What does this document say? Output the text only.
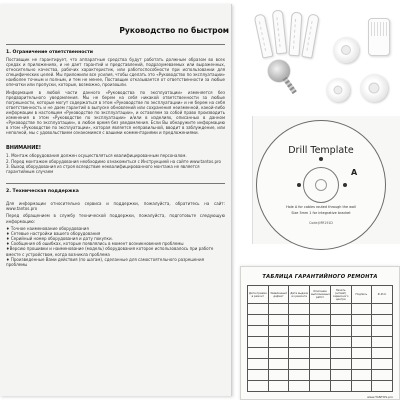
Руководство по быстром
1. Ограничение ответственности

Поставщик не гарантирует, что аппаратные средства будут работать должным образом во всех средах и приложениях, и не дает гарантий и представлений, подразумеваемых или выраженных, относительно качества, рабочих характеристик, или работоспособности при использовании для специфических целей. Мы приложили все усилия, чтобы сделать это «Руководство по эксплуатации» наиболее точным и полным, и тем не менее, Поставщик отказывается от ответственности за любые опечатки или пропуски, которые, возможно, произошли.

Информация в любой части данного «Руководства по эксплуатации» изменяется без предварительного уведомления. Мы не берем на себя никакой ответственности за любые погрешности, которые могут содержаться в этом «Руководстве по эксплуатации» и не берем на себя ответственность и не даем гарантий в выпуске обновлений или сохранения неизменной, какой-либо информации в настоящем «Руководстве по эксплуатации», и оставляем за собой право производить изменения в этом «Руководстве по эксплуатации» и/или в изделиях, описанных в данном «Руководстве по эксплуатации», в любое время без уведомления. Если Вы обнаружите информацию в этом «Руководстве по эксплуатации», которая является неправильной, вводит в заблуждение, или неполной, мы с удовольствием ознакомимся с вашими комментариями и предложениями.

ВНИМАНИЕ!
1. Монтаж оборудования должен осуществляться квалифицированным персоналом.
2. Перед монтажом оборудования необходимо ознакомиться с Инструкцией на сайте www.tantos.pro
3. Выход оборудования из строя вследствие неквалифицированного монтажа не является гарантийным случаем
2. Техническая поддержка

Для информации относительно сервиса и поддержки, пожалуйста, обратитесь на сайт: www.tantos.pro

Перед обращением в службу технической поддержки, пожалуйста, подготовьте следующую информацию:

♦ Точное наименование оборудования
♦ Сетевые настройки вашего оборудования
♦ Серийный номер оборудования и дату покупки.
♦ Сообщения об ошибках, которые появлялись в момент возникновения проблемы
♦Версию прошивки и наименование (модель) оборудования которое использовалось при работе вместе с устройством, когда возникла проблема
♦ Произведенные Вами действия (по шагам), сделанные для самостоятельного разрешения проблемы
Drill Template
A
Hole A for cables routed through the wall
Size 5mm 1 for integrative bracket
Code:JMR191D
ТАБЛИЦА ГАРАНТИЙНОГО РЕМОНТА
Дата приема в ремонт	Заявленный дефект	Дата выдачи из ремонта	Описание выполненных работ	Печать (штамп) сервисного центра	Подпись	Ф.И.О.

www.TANTOS.pro
